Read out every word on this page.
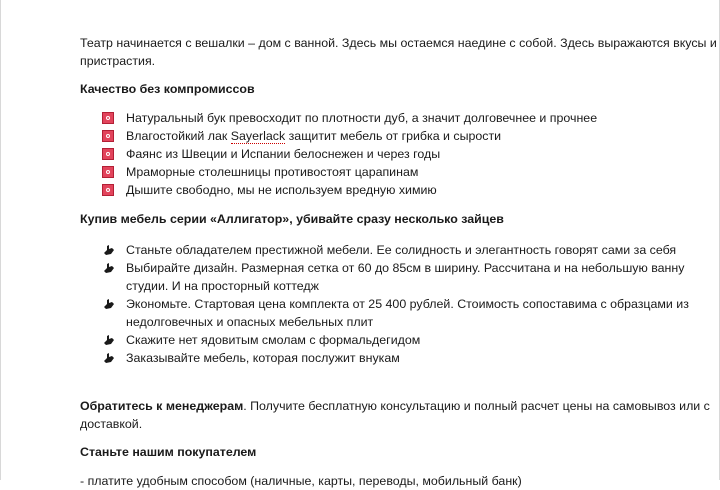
Театр начинается с вешалки – дом с ванной. Здесь мы остаемся наедине с собой. Здесь выражаются вкусы и

пристрастия.

Качество без компромиссов

Натуральный бук превосходит по плотности дуб, а значит долговечнее и прочнее
Влагостойкий лак Sayerlack защитит мебель от грибка и сырости
Фаянс из Швеции и Испании белоснежен и через годы
Мраморные столешницы противостоят царапинам
Дышите свободно, мы не используем вредную химию

Купив мебель серии «Аллигатор», убивайте сразу несколько зайцев

Станьте обладателем престижной мебели. Ее солидность и элегантность говорят сами за себя
Выбирайте дизайн. Размерная сетка от 60 до 85см в ширину. Рассчитана и на небольшую ванну
студии. И на просторный коттедж
Экономьте. Стартовая цена комплекта от 25 400 рублей. Стоимость сопоставима с образцами из
недолговечных и опасных мебельных плит
Скажите нет ядовитым смолам с формальдегидом
Заказывайте мебель, которая послужит внукам

Обратитесь к менеджерам. Получите бесплатную консультацию и полный расчет цены на самовывоз или с

доставкой.

Станьте нашим покупателем

- платите удобным способом (наличные, карты, переводы, мобильный банк)
